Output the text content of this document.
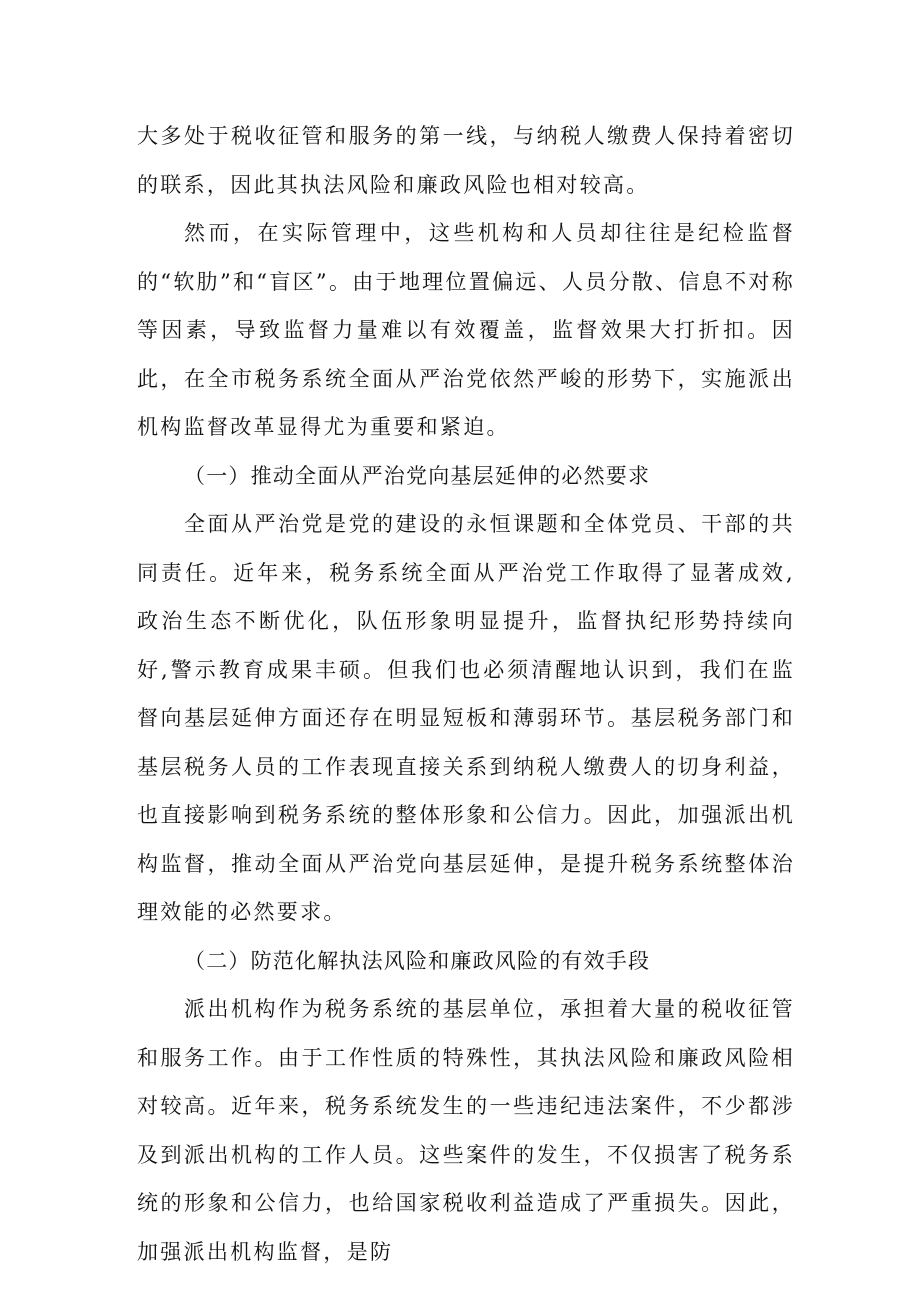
大多处于税收征管和服务的第一线，与纳税人缴费人保持着密切的联系，因此其执法风险和廉政风险也相对较高。

然而，在实际管理中，这些机构和人员却往往是纪检监督的“软肋”和“盲区”。由于地理位置偏远、人员分散、信息不对称等因素，导致监督力量难以有效覆盖，监督效果大打折扣。因此，在全市税务系统全面从严治党依然严峻的形势下，实施派出机构监督改革显得尤为重要和紧迫。

（一）推动全面从严治党向基层延伸的必然要求

全面从严治党是党的建设的永恒课题和全体党员、干部的共同责任。近年来，税务系统全面从严治党工作取得了显著成效,政治生态不断优化，队伍形象明显提升，监督执纪形势持续向好,警示教育成果丰硕。但我们也必须清醒地认识到，我们在监督向基层延伸方面还存在明显短板和薄弱环节。基层税务部门和基层税务人员的工作表现直接关系到纳税人缴费人的切身利益，也直接影响到税务系统的整体形象和公信力。因此，加强派出机构监督，推动全面从严治党向基层延伸，是提升税务系统整体治理效能的必然要求。

（二）防范化解执法风险和廉政风险的有效手段

派出机构作为税务系统的基层单位，承担着大量的税收征管和服务工作。由于工作性质的特殊性，其执法风险和廉政风险相对较高。近年来，税务系统发生的一些违纪违法案件，不少都涉及到派出机构的工作人员。这些案件的发生，不仅损害了税务系统的形象和公信力，也给国家税收利益造成了严重损失。因此，加强派出机构监督，是防
